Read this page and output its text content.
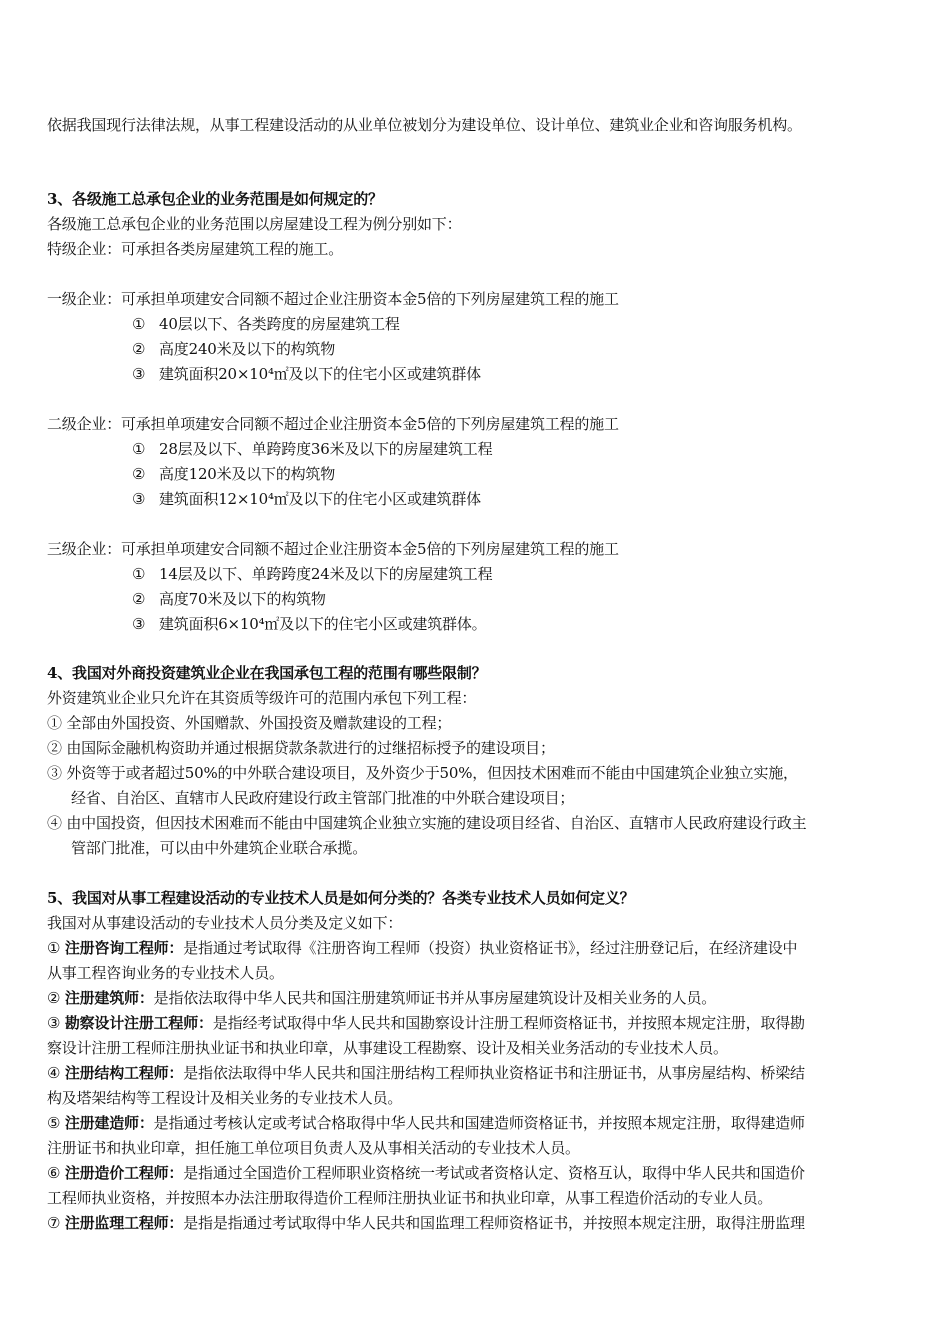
依据我国现行法律法规，从事工程建设活动的从业单位被划分为建设单位、设计单位、建筑业企业和咨询服务机构。
3、各级施工总承包企业的业务范围是如何规定的？
各级施工总承包企业的业务范围以房屋建设工程为例分别如下：
特级企业：可承担各类房屋建筑工程的施工。
一级企业：可承担单项建安合同额不超过企业注册资本金5倍的下列房屋建筑工程的施工
① 40层以下、各类跨度的房屋建筑工程
② 高度240米及以下的构筑物
③ 建筑面积20×10⁴㎡及以下的住宅小区或建筑群体
二级企业：可承担单项建安合同额不超过企业注册资本金5倍的下列房屋建筑工程的施工
① 28层及以下、单跨跨度36米及以下的房屋建筑工程
② 高度120米及以下的构筑物
③ 建筑面积12×10⁴㎡及以下的住宅小区或建筑群体
三级企业：可承担单项建安合同额不超过企业注册资本金5倍的下列房屋建筑工程的施工
① 14层及以下、单跨跨度24米及以下的房屋建筑工程
② 高度70米及以下的构筑物
③ 建筑面积6×10⁴㎡及以下的住宅小区或建筑群体。
4、我国对外商投资建筑业企业在我国承包工程的范围有哪些限制？
外资建筑业企业只允许在其资质等级许可的范围内承包下列工程：
① 全部由外国投资、外国赠款、外国投资及赠款建设的工程；
② 由国际金融机构资助并通过根据贷款条款进行的过继招标授予的建设项目；
③ 外资等于或者超过50%的中外联合建设项目，及外资少于50%，但因技术困难而不能由中国建筑企业独立实施，
经省、自治区、直辖市人民政府建设行政主管部门批准的中外联合建设项目；
④ 由中国投资，但因技术困难而不能由中国建筑企业独立实施的建设项目经省、自治区、直辖市人民政府建设行政主
管部门批准，可以由中外建筑企业联合承揽。
5、我国对从事工程建设活动的专业技术人员是如何分类的？各类专业技术人员如何定义？
我国对从事建设活动的专业技术人员分类及定义如下：
① 注册咨询工程师：是指通过考试取得《注册咨询工程师（投资）执业资格证书》，经过注册登记后，在经济建设中
从事工程咨询业务的专业技术人员。
② 注册建筑师：是指依法取得中华人民共和国注册建筑师证书并从事房屋建筑设计及相关业务的人员。
③ 勘察设计注册工程师：是指经考试取得中华人民共和国勘察设计注册工程师资格证书，并按照本规定注册，取得勘
察设计注册工程师注册执业证书和执业印章，从事建设工程勘察、设计及相关业务活动的专业技术人员。
④ 注册结构工程师：是指依法取得中华人民共和国注册结构工程师执业资格证书和注册证书，从事房屋结构、桥梁结
构及塔架结构等工程设计及相关业务的专业技术人员。
⑤ 注册建造师：是指通过考核认定或考试合格取得中华人民共和国建造师资格证书，并按照本规定注册，取得建造师
注册证书和执业印章，担任施工单位项目负责人及从事相关活动的专业技术人员。
⑥ 注册造价工程师：是指通过全国造价工程师职业资格统一考试或者资格认定、资格互认，取得中华人民共和国造价
工程师执业资格，并按照本办法注册取得造价工程师注册执业证书和执业印章，从事工程造价活动的专业人员。
⑦ 注册监理工程师：是指是指通过考试取得中华人民共和国监理工程师资格证书，并按照本规定注册，取得注册监理
